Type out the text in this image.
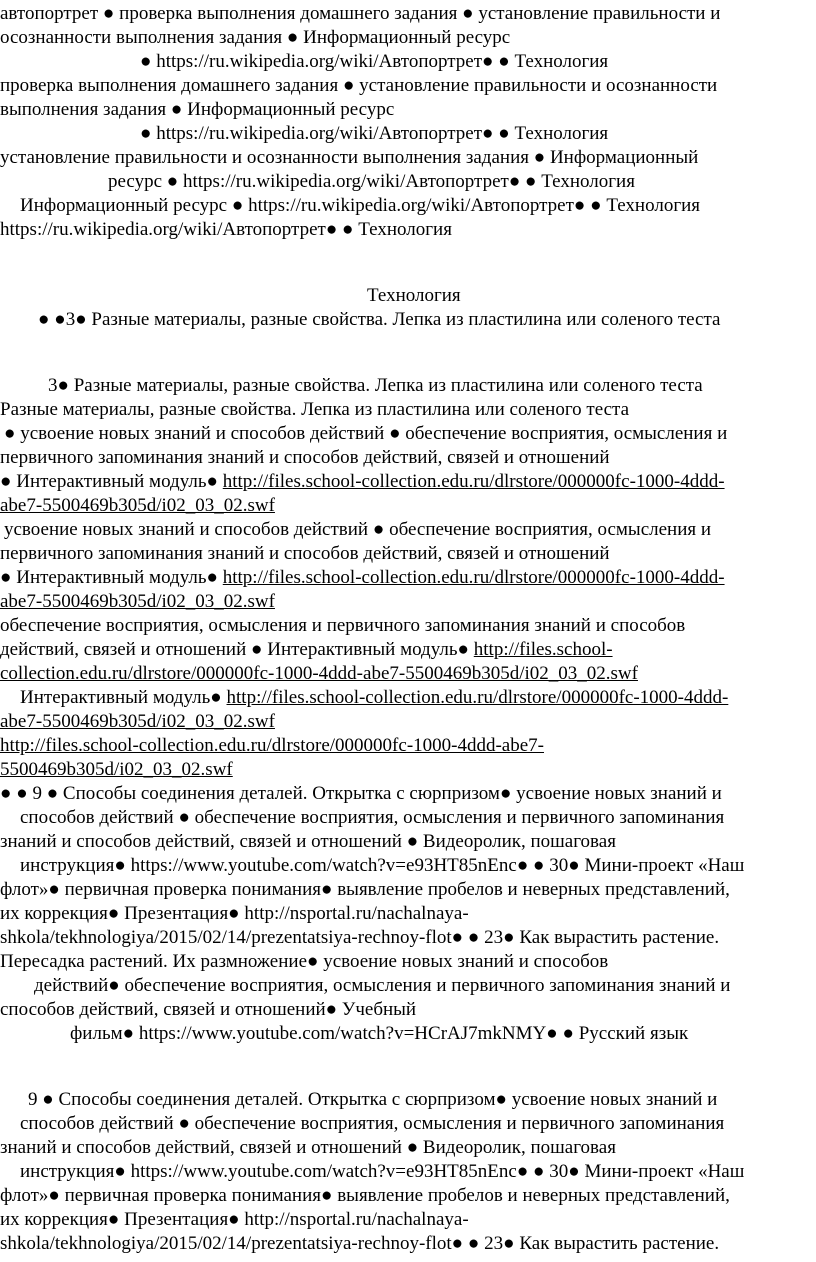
автопортрет ● проверка выполнения домашнего задания ● установление правильности и
осознанности выполнения задания ● Информационный ресурс
● https://ru.wikipedia.org/wiki/Автопортрет● ● Технология
проверка выполнения домашнего задания ● установление правильности и осознанности
выполнения задания ● Информационный ресурс
● https://ru.wikipedia.org/wiki/Автопортрет● ● Технология
установление правильности и осознанности выполнения задания ● Информационный
ресурс ● https://ru.wikipedia.org/wiki/Автопортрет● ● Технология
Информационный ресурс ● https://ru.wikipedia.org/wiki/Автопортрет● ● Технология
https://ru.wikipedia.org/wiki/Автопортрет● ● Технология
Технология
● ●3● Разные материалы, разные свойства. Лепка из пластилина или соленого теста
3● Разные материалы, разные свойства. Лепка из пластилина или соленого теста
Разные материалы, разные свойства. Лепка из пластилина или соленого теста
● усвоение новых знаний и способов действий ● обеспечение восприятия, осмысления и
первичного запоминания знаний и способов действий, связей и отношений
● Интерактивный модуль● http://files.school-collection.edu.ru/dlrstore/000000fc-1000-4ddd-
abe7-5500469b305d/i02_03_02.swf
усвоение новых знаний и способов действий ● обеспечение восприятия, осмысления и
первичного запоминания знаний и способов действий, связей и отношений
● Интерактивный модуль● http://files.school-collection.edu.ru/dlrstore/000000fc-1000-4ddd-
abe7-5500469b305d/i02_03_02.swf
обеспечение восприятия, осмысления и первичного запоминания знаний и способов
действий, связей и отношений ● Интерактивный модуль● http://files.school-
collection.edu.ru/dlrstore/000000fc-1000-4ddd-abe7-5500469b305d/i02_03_02.swf
Интерактивный модуль● http://files.school-collection.edu.ru/dlrstore/000000fc-1000-4ddd-
abe7-5500469b305d/i02_03_02.swf
http://files.school-collection.edu.ru/dlrstore/000000fc-1000-4ddd-abe7-
5500469b305d/i02_03_02.swf
● ● 9 ● Способы соединения деталей. Открытка с сюрпризом● усвоение новых знаний и
способов действий ● обеспечение восприятия, осмысления и первичного запоминания
знаний и способов действий, связей и отношений ● Видеоролик, пошаговая
инструкция● https://www.youtube.com/watch?v=e93HT85nEnc● ● 30● Мини-проект «Наш
флот»● первичная проверка понимания● выявление пробелов и неверных представлений,
их коррекция● Презентация● http://nsportal.ru/nachalnaya-
shkola/tekhnologiya/2015/02/14/prezentatsiya-rechnoy-flot● ● 23● Как вырастить растение.
Пересадка растений. Их размножение● усвоение новых знаний и способов
действий● обеспечение восприятия, осмысления и первичного запоминания знаний и
способов действий, связей и отношений● Учебный
фильм● https://www.youtube.com/watch?v=HCrAJ7mkNMY● ● Русский язык
9 ● Способы соединения деталей. Открытка с сюрпризом● усвоение новых знаний и
способов действий ● обеспечение восприятия, осмысления и первичного запоминания
знаний и способов действий, связей и отношений ● Видеоролик, пошаговая
инструкция● https://www.youtube.com/watch?v=e93HT85nEnc● ● 30● Мини-проект «Наш
флот»● первичная проверка понимания● выявление пробелов и неверных представлений,
их коррекция● Презентация● http://nsportal.ru/nachalnaya-
shkola/tekhnologiya/2015/02/14/prezentatsiya-rechnoy-flot● ● 23● Как вырастить растение.
